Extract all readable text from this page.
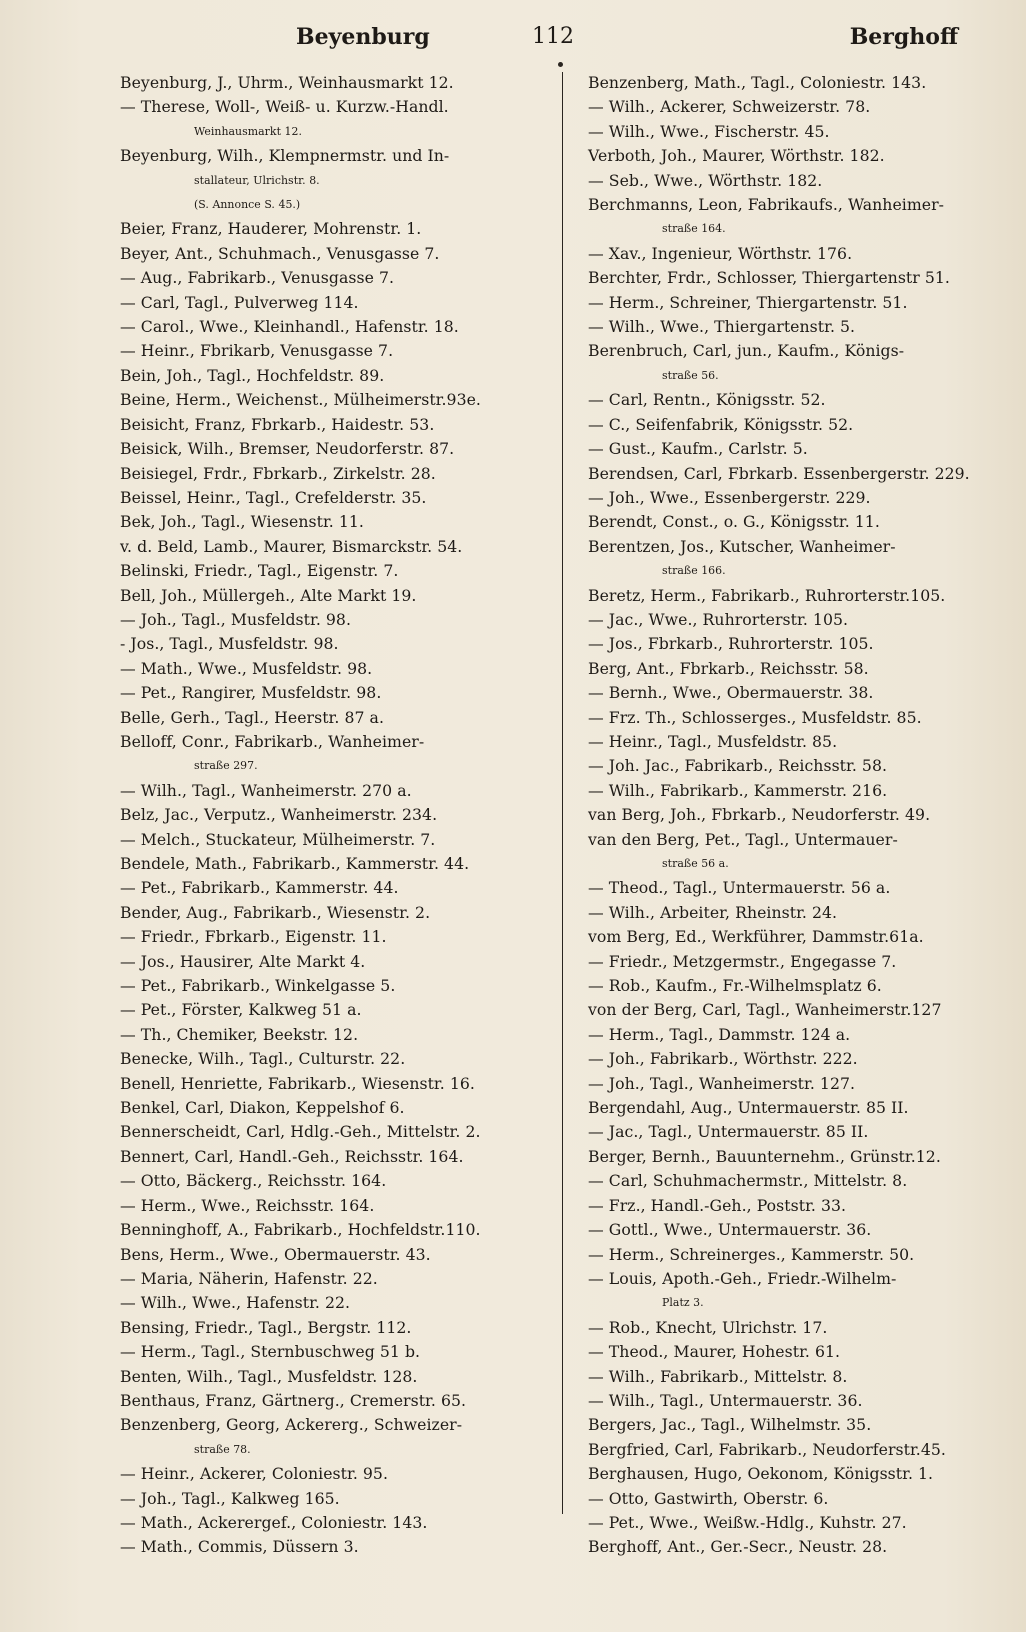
Beyenburg	112	Berghoff

Beyenburg, J., Uhrm., Weinhausmarkt 12.

— Therese, Woll-, Weiß- u. Kurzw.-Handl.

Weinhausmarkt 12.

Beyenburg, Wilh., Klempnermstr. und In-

stallateur, Ulrichstr. 8.

(S. Annonce S. 45.)

Beier, Franz, Hauderer, Mohrenstr. 1.

Beyer, Ant., Schuhmach., Venusgasse 7.

— Aug., Fabrikarb., Venusgasse 7.

— Carl, Tagl., Pulverweg 114.

— Carol., Wwe., Kleinhandl., Hafenstr. 18.

— Heinr., Fbrikarb, Venusgasse 7.

Bein, Joh., Tagl., Hochfeldstr. 89.

Beine, Herm., Weichenst., Mülheimerstr.93e.

Beisicht, Franz, Fbrkarb., Haidestr. 53.

Beisick, Wilh., Bremser, Neudorferstr. 87.

Beisiegel, Frdr., Fbrkarb., Zirkelstr. 28.

Beissel, Heinr., Tagl., Crefelderstr. 35.

Bek, Joh., Tagl., Wiesenstr. 11.

v. d. Beld, Lamb., Maurer, Bismarckstr. 54.

Belinski, Friedr., Tagl., Eigenstr. 7.

Bell, Joh., Müllergeh., Alte Markt 19.

— Joh., Tagl., Musfeldstr. 98.

- Jos., Tagl., Musfeldstr. 98.

— Math., Wwe., Musfeldstr. 98.

— Pet., Rangirer, Musfeldstr. 98.

Belle, Gerh., Tagl., Heerstr. 87 a.

Belloff, Conr., Fabrikarb., Wanheimer-

straße 297.

— Wilh., Tagl., Wanheimerstr. 270 a.

Belz, Jac., Verputz., Wanheimerstr. 234.

— Melch., Stuckateur, Mülheimerstr. 7.

Bendele, Math., Fabrikarb., Kammerstr. 44.

— Pet., Fabrikarb., Kammerstr. 44.

Bender, Aug., Fabrikarb., Wiesenstr. 2.

— Friedr., Fbrkarb., Eigenstr. 11.

— Jos., Hausirer, Alte Markt 4.

— Pet., Fabrikarb., Winkelgasse 5.

— Pet., Förster, Kalkweg 51 a.

— Th., Chemiker, Beekstr. 12.

Benecke, Wilh., Tagl., Culturstr. 22.

Benell, Henriette, Fabrikarb., Wiesenstr. 16.

Benkel, Carl, Diakon, Keppelshof 6.

Bennerscheidt, Carl, Hdlg.-Geh., Mittelstr. 2.

Bennert, Carl, Handl.-Geh., Reichsstr. 164.

— Otto, Bäckerg., Reichsstr. 164.

— Herm., Wwe., Reichsstr. 164.

Benninghoff, A., Fabrikarb., Hochfeldstr.110.

Bens, Herm., Wwe., Obermauerstr. 43.

— Maria, Näherin, Hafenstr. 22.

— Wilh., Wwe., Hafenstr. 22.

Bensing, Friedr., Tagl., Bergstr. 112.

— Herm., Tagl., Sternbuschweg 51 b.

Benten, Wilh., Tagl., Musfeldstr. 128.

Benthaus, Franz, Gärtnerg., Cremerstr. 65.

Benzenberg, Georg, Ackererg., Schweizer-

straße 78.

— Heinr., Ackerer, Coloniestr. 95.

— Joh., Tagl., Kalkweg 165.

— Math., Ackerergef., Coloniestr. 143.

— Math., Commis, Düssern 3.

Benzenberg, Math., Tagl., Coloniestr. 143.

— Wilh., Ackerer, Schweizerstr. 78.

— Wilh., Wwe., Fischerstr. 45.

Verboth, Joh., Maurer, Wörthstr. 182.

— Seb., Wwe., Wörthstr. 182.

Berchmanns, Leon, Fabrikaufs., Wanheimer-

straße 164.

— Xav., Ingenieur, Wörthstr. 176.

Berchter, Frdr., Schlosser, Thiergartenstr 51.

— Herm., Schreiner, Thiergartenstr. 51.

— Wilh., Wwe., Thiergartenstr. 5.

Berenbruch, Carl, jun., Kaufm., Königs-

straße 56.

— Carl, Rentn., Königsstr. 52.

— C., Seifenfabrik, Königsstr. 52.

— Gust., Kaufm., Carlstr. 5.

Berendsen, Carl, Fbrkarb. Essenbergerstr. 229.

— Joh., Wwe., Essenbergerstr. 229.

Berendt, Const., o. G., Königsstr. 11.

Berentzen, Jos., Kutscher, Wanheimer-

straße 166.

Beretz, Herm., Fabrikarb., Ruhrorterstr.105.

— Jac., Wwe., Ruhrorterstr. 105.

— Jos., Fbrkarb., Ruhrorterstr. 105.

Berg, Ant., Fbrkarb., Reichsstr. 58.

— Bernh., Wwe., Obermauerstr. 38.

— Frz. Th., Schlosserges., Musfeldstr. 85.

— Heinr., Tagl., Musfeldstr. 85.

— Joh. Jac., Fabrikarb., Reichsstr. 58.

— Wilh., Fabrikarb., Kammerstr. 216.

van Berg, Joh., Fbrkarb., Neudorferstr. 49.

van den Berg, Pet., Tagl., Untermauer-

straße 56 a.

— Theod., Tagl., Untermauerstr. 56 a.

— Wilh., Arbeiter, Rheinstr. 24.

vom Berg, Ed., Werkführer, Dammstr.61a.

— Friedr., Metzgermstr., Engegasse 7.

— Rob., Kaufm., Fr.-Wilhelmsplatz 6.

von der Berg, Carl, Tagl., Wanheimerstr.127

— Herm., Tagl., Dammstr. 124 a.

— Joh., Fabrikarb., Wörthstr. 222.

— Joh., Tagl., Wanheimerstr. 127.

Bergendahl, Aug., Untermauerstr. 85 II.

— Jac., Tagl., Untermauerstr. 85 II.

Berger, Bernh., Bauunternehm., Grünstr.12.

— Carl, Schuhmachermstr., Mittelstr. 8.

— Frz., Handl.-Geh., Poststr. 33.

— Gottl., Wwe., Untermauerstr. 36.

— Herm., Schreinerges., Kammerstr. 50.

— Louis, Apoth.-Geh., Friedr.-Wilhelm-

Platz 3.

— Rob., Knecht, Ulrichstr. 17.

— Theod., Maurer, Hohestr. 61.

— Wilh., Fabrikarb., Mittelstr. 8.

— Wilh., Tagl., Untermauerstr. 36.

Bergers, Jac., Tagl., Wilhelmstr. 35.

Bergfried, Carl, Fabrikarb., Neudorferstr.45.

Berghausen, Hugo, Oekonom, Königsstr. 1.

— Otto, Gastwirth, Oberstr. 6.

— Pet., Wwe., Weißw.-Hdlg., Kuhstr. 27.

Berghoff, Ant., Ger.-Secr., Neustr. 28.
